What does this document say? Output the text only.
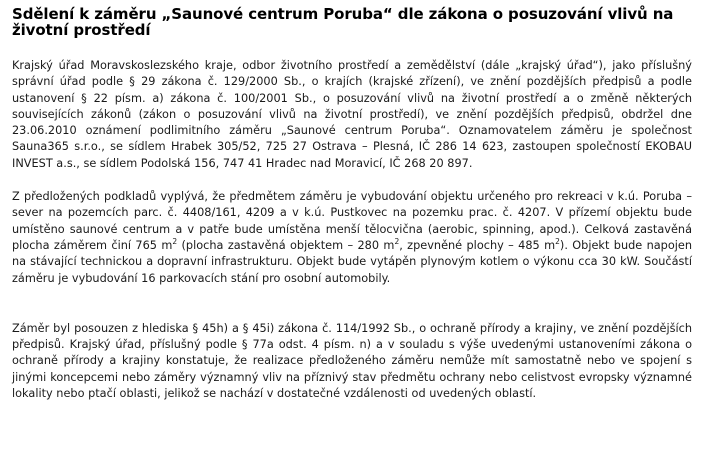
Sdělení k záměru „Saunové centrum Poruba“ dle zákona o posuzování vlivů na životní prostředí

Krajský úřad Moravskoslezského kraje, odbor životního prostředí a zemědělství (dále „krajský úřad“), jako příslušný správní úřad podle § 29 zákona č. 129/2000 Sb., o krajích (krajské zřízení), ve znění pozdějších předpisů a podle ustanovení § 22 písm. a) zákona č. 100/2001 Sb., o posuzování vlivů na životní prostředí a o změně některých souvisejících zákonů (zákon o posuzování vlivů na životní prostředí), ve znění pozdějších předpisů, obdržel dne 23.06.2010 oznámení podlimitního záměru „Saunové centrum Poruba“. Oznamovatelem záměru je společnost Sauna365 s.r.o., se sídlem Hrabek 305/52, 725 27 Ostrava – Plesná, IČ 286 14 623, zastoupen společností EKOBAU INVEST a.s., se sídlem Podolská 156, 747 41 Hradec nad Moravicí, IČ 268 20 897.

Z předložených podkladů vyplývá, že předmětem záměru je vybudování objektu určeného pro rekreaci v k.ú. Poruba – sever na pozemcích parc. č. 4408/161, 4209 a v k.ú. Pustkovec na pozemku prac. č. 4207. V přízemí objektu bude umístěno saunové centrum a v patře bude umístěna menší tělocvična (aerobic, spinning, apod.). Celková zastavěná plocha záměrem činí 765 $m^2$ (plocha zastavěná objektem – 280 $m^2$, zpevněné plochy – 485 $m^2$). Objekt bude napojen na stávající technickou a dopravní infrastrukturu. Objekt bude vytápěn plynovým kotlem o výkonu cca 30 kW. Součástí záměru je vybudování 16 parkovacích stání pro osobní automobily.

Záměr byl posouzen z hlediska § 45h) a § 45i) zákona č. 114/1992 Sb., o ochraně přírody a krajiny, ve znění pozdějších předpisů. Krajský úřad, příslušný podle § 77a odst. 4 písm. n) a v souladu s výše uvedenými ustanoveními zákona o ochraně přírody a krajiny konstatuje, že realizace předloženého záměru nemůže mít samostatně nebo ve spojení s jinými koncepcemi nebo záměry významný vliv na příznivý stav předmětu ochrany nebo celistvost evropsky významné lokality nebo ptačí oblasti, jelikož se nachází v dostatečné vzdálenosti od uvedených oblastí.
